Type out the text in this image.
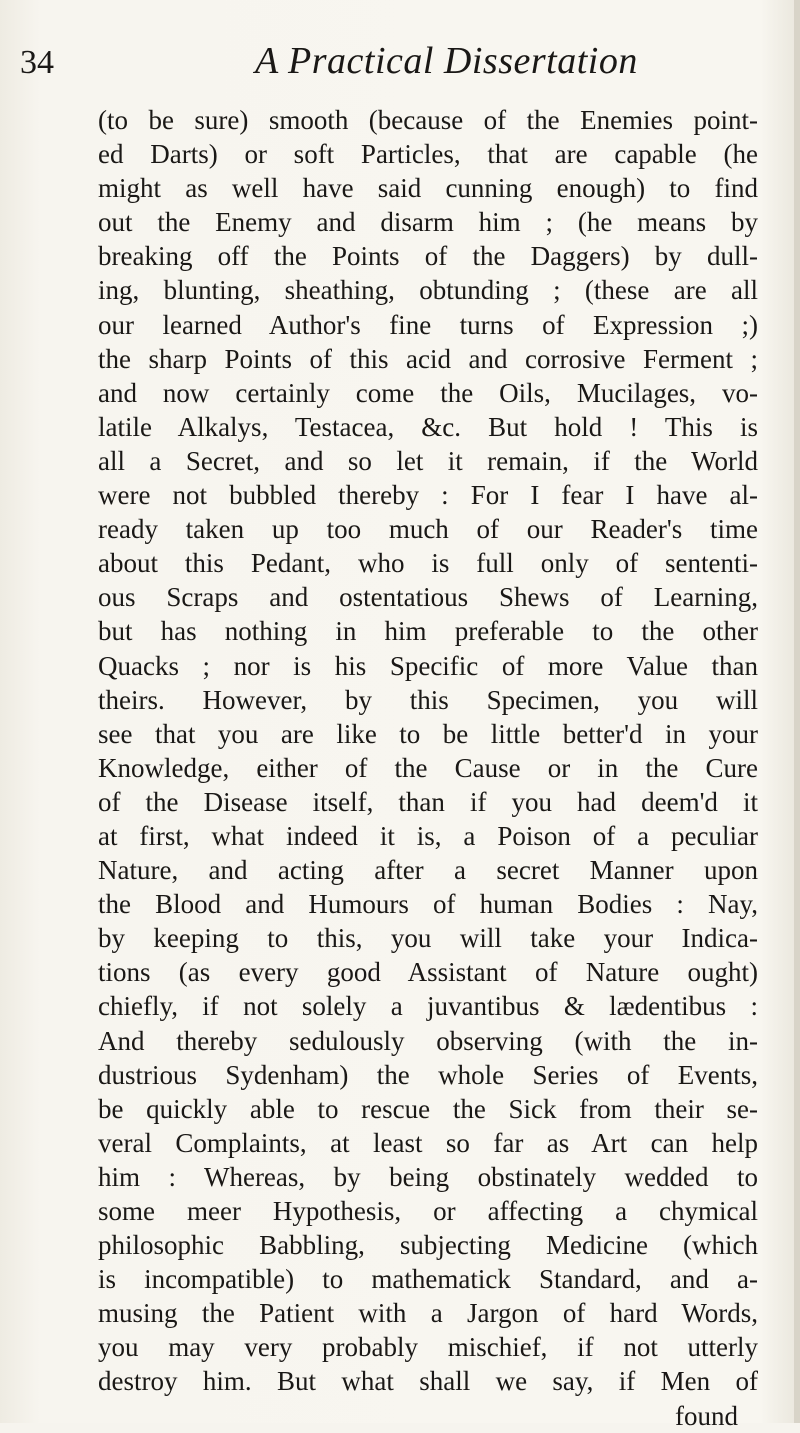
34	A Practical Dissertation
(to be sure) smooth (because of the Enemies point-
ed Darts) or soft Particles, that are capable (he
might as well have said cunning enough) to find
out the Enemy and disarm him ; (he means by
breaking off the Points of the Daggers) by dull-
ing, blunting, sheathing, obtunding ; (these are all
our learned Author's fine turns of Expression ;)
the sharp Points of this acid and corrosive Ferment ;
and now certainly come the Oils, Mucilages, vo-
latile Alkalys, Testacea, &c. But hold ! This is
all a Secret, and so let it remain, if the World
were not bubbled thereby : For I fear I have al-
ready taken up too much of our Reader's time
about this Pedant, who is full only of sententi-
ous Scraps and ostentatious Shews of Learning,
but has nothing in him preferable to the other
Quacks ; nor is his Specific of more Value than
theirs. However, by this Specimen, you will
see that you are like to be little better'd in your
Knowledge, either of the Cause or in the Cure
of the Disease itself, than if you had deem'd it
at first, what indeed it is, a Poison of a peculiar
Nature, and acting after a secret Manner upon
the Blood and Humours of human Bodies : Nay,
by keeping to this, you will take your Indica-
tions (as every good Assistant of Nature ought)
chiefly, if not solely a juvantibus & lædentibus :
And thereby sedulously observing (with the in-
dustrious Sydenham) the whole Series of Events,
be quickly able to rescue the Sick from their se-
veral Complaints, at least so far as Art can help
him : Whereas, by being obstinately wedded to
some meer Hypothesis, or affecting a chymical
philosophic Babbling, subjecting Medicine (which
is incompatible) to mathematick Standard, and a-
musing the Patient with a Jargon of hard Words,
you may very probably mischief, if not utterly
destroy him. But what shall we say, if Men of
found
